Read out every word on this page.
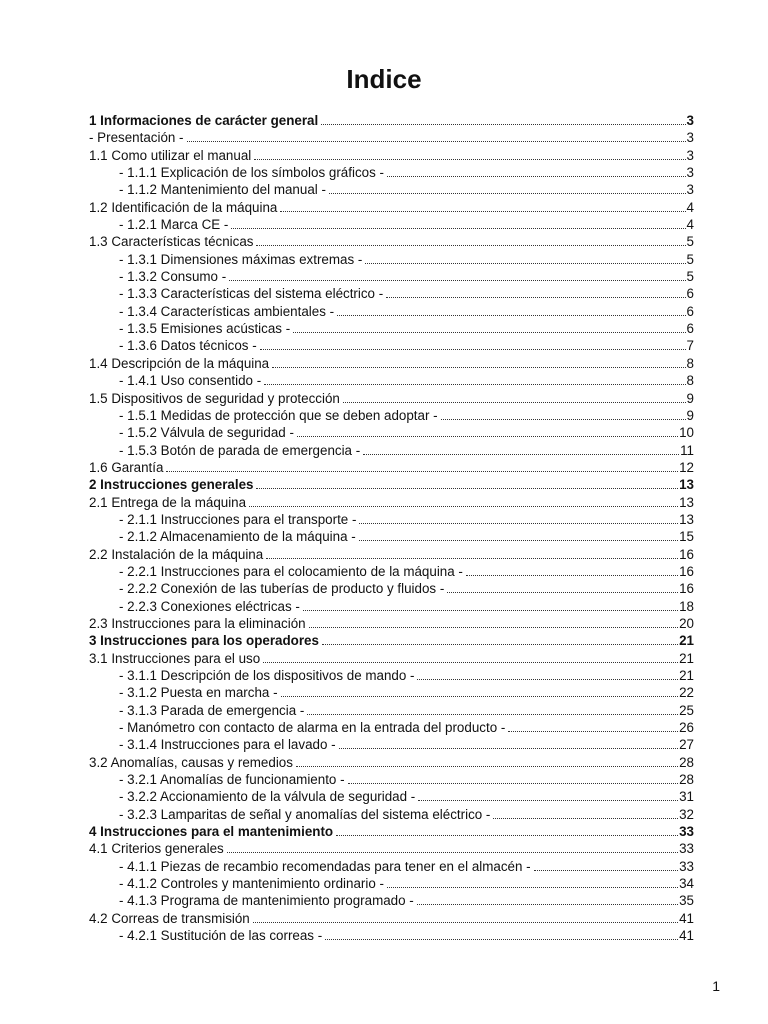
Indice
1 Informaciones de carácter general	3
- Presentación -	3
1.1 Como utilizar el manual	3
- 1.1.1 Explicación de los símbolos gráficos -	3
- 1.1.2 Mantenimiento del manual -	3
1.2 Identificación de la máquina	4
- 1.2.1 Marca CE -	4
1.3 Características técnicas	5
- 1.3.1 Dimensiones máximas extremas -	5
- 1.3.2 Consumo -	5
- 1.3.3 Características del sistema eléctrico -	6
- 1.3.4 Características ambientales -	6
- 1.3.5 Emisiones acústicas -	6
- 1.3.6 Datos técnicos -	7
1.4 Descripción de la máquina	8
- 1.4.1 Uso consentido -	8
1.5 Dispositivos de seguridad y protección	9
- 1.5.1 Medidas de protección que se deben adoptar -	9
- 1.5.2 Válvula de seguridad -	10
- 1.5.3 Botón de parada de emergencia -	11
1.6 Garantía	12
2 Instrucciones generales	13
2.1 Entrega de la máquina	13
- 2.1.1 Instrucciones para el transporte -	13
- 2.1.2 Almacenamiento de la máquina -	15
2.2 Instalación de la máquina	16
- 2.2.1 Instrucciones para el colocamiento de la máquina -	16
- 2.2.2 Conexión de las tuberías de producto y fluidos -	16
- 2.2.3 Conexiones eléctricas -	18
2.3 Instrucciones para la eliminación	20
3 Instrucciones para los operadores	21
3.1 Instrucciones para el uso	21
- 3.1.1 Descripción de los dispositivos de mando -	21
- 3.1.2 Puesta en marcha -	22
- 3.1.3 Parada de emergencia -	25
- Manómetro con contacto de alarma en la entrada del producto -	26
- 3.1.4 Instrucciones para el lavado -	27
3.2 Anomalías, causas y remedios	28
- 3.2.1 Anomalías de funcionamiento -	28
- 3.2.2 Accionamiento de la válvula de seguridad -	31
- 3.2.3 Lamparitas de señal y anomalías del sistema eléctrico -	32
4 Instrucciones para el mantenimiento	33
4.1 Criterios generales	33
- 4.1.1 Piezas de recambio recomendadas para tener en el almacén -	33
- 4.1.2 Controles y mantenimiento ordinario -	34
- 4.1.3 Programa de mantenimiento programado -	35
4.2 Correas de transmisión	41
- 4.2.1 Sustitución de las correas -	41
1
